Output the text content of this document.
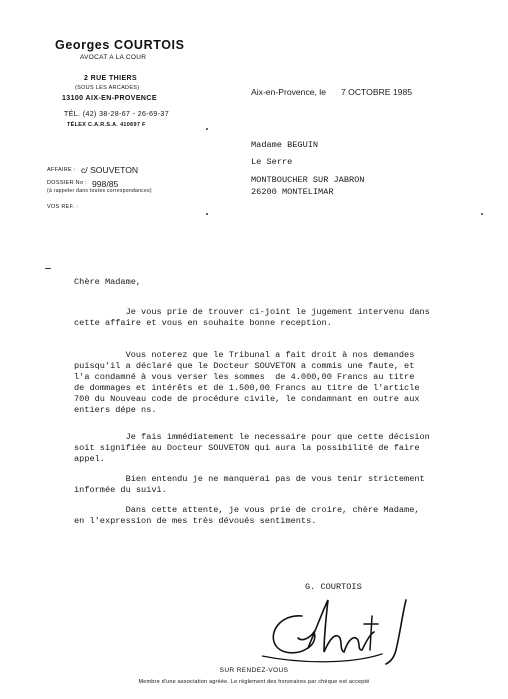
Georges COURTOIS
AVOCAT A LA COUR
2 RUE THIERS
(SOUS LES ARCADES)
13100 AIX-EN-PROVENCE
TÉL. (42) 38-28-67 - 26-69-37
TÉLEX C.A.R.S.A. 410697 F
Aix-en-Provence, le 7 OCTOBRE 1985
Madame BEGUIN
Le Serre
MONTBOUCHER SUR JABRON
26200 MONTELIMAR
AFFAIRE : c/ SOUVETON
DOSSIER No : 998/85
(à rappeler dans toutes correspondances)
VOS REF. :
Chère Madame,
Je vous prie de trouver ci-joint le jugement intervenu dans
cette affaire et vous en souhaite bonne reception.
Vous noterez que le Tribunal a fait droit à nos demandes
puisqu'il a déclaré que le Docteur SOUVETON a commis une faute, et
l'a condamné à vous verser les sommes  de 4.000,00 Francs au titre
de dommages et intérêts et de 1.500,00 Francs au titre de l'article
700 du Nouveau code de procédure civile, le condamnant en outre aux
entiers dépe ns.
Je fais immédiatement le necessaire pour que cette décision
soit signifiée au Docteur SOUVETON qui aura la possibilité de faire
appel.
Bien entendu je ne manquerai pas de vous tenir strictement
informée du suivi.
Dans cette attente, je vous prie de croire, chère Madame,
en l'expression de mes très dévoués sentiments.
G. COURTOIS
SUR RENDEZ-VOUS
Membre d'une association agréée. Le règlement des honoraires par chèque est accepté
